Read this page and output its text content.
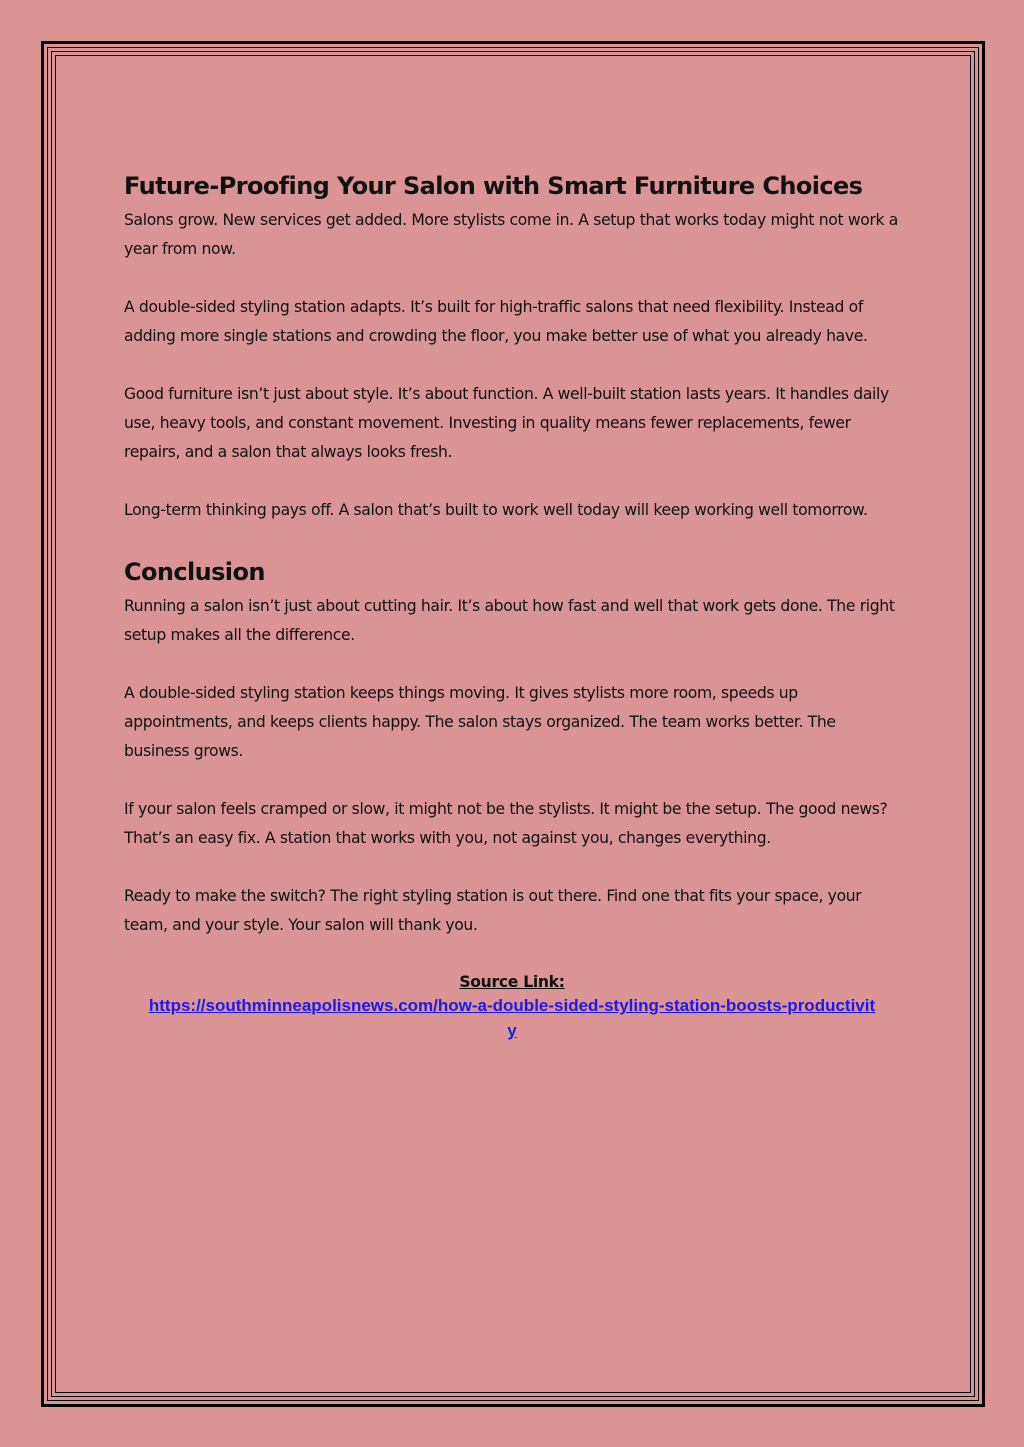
Future-Proofing Your Salon with Smart Furniture Choices

Salons grow. New services get added. More stylists come in. A setup that works today might not work a year from now.

A double-sided styling station adapts. It’s built for high-traffic salons that need flexibility. Instead of adding more single stations and crowding the floor, you make better use of what you already have.

Good furniture isn’t just about style. It’s about function. A well-built station lasts years. It handles daily use, heavy tools, and constant movement. Investing in quality means fewer replacements, fewer repairs, and a salon that always looks fresh.

Long-term thinking pays off. A salon that’s built to work well today will keep working well tomorrow.

Conclusion

Running a salon isn’t just about cutting hair. It’s about how fast and well that work gets done. The right setup makes all the difference.

A double-sided styling station keeps things moving. It gives stylists more room, speeds up appointments, and keeps clients happy. The salon stays organized. The team works better. The business grows.

If your salon feels cramped or slow, it might not be the stylists. It might be the setup. The good news? That’s an easy fix. A station that works with you, not against you, changes everything.

Ready to make the switch? The right styling station is out there. Find one that fits your space, your team, and your style. Your salon will thank you.

Source Link:
https://southminneapolisnews.com/how-a-double-sided-styling-station-boosts-productivity
